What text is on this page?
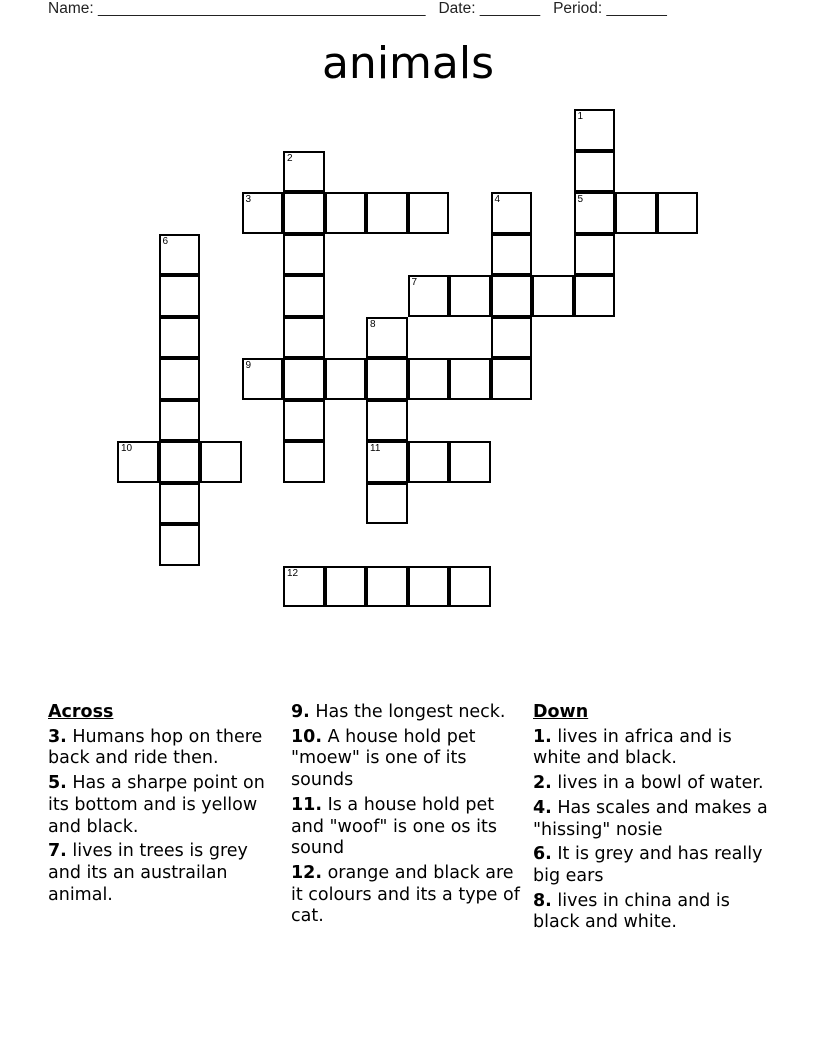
Name: ______________________________________ Date: _______ Period: _______
animals
1
5
2
3	4
6
7
8
11
9
10
12
Across
3. Humans hop on there back and ride then.
5. Has a sharpe point on its bottom and is yellow and black.
7. lives in trees is grey and its an austrailan animal.
9. Has the longest neck.
10. A house hold pet "moew" is one of its sounds
11. Is a house hold pet and "woof" is one os its sound
12. orange and black are it colours and its a type of cat.
Down
1. lives in africa and is white and black.
2. lives in a bowl of water.
4. Has scales and makes a "hissing" nosie
6. It is grey and has really big ears
8. lives in china and is black and white.
